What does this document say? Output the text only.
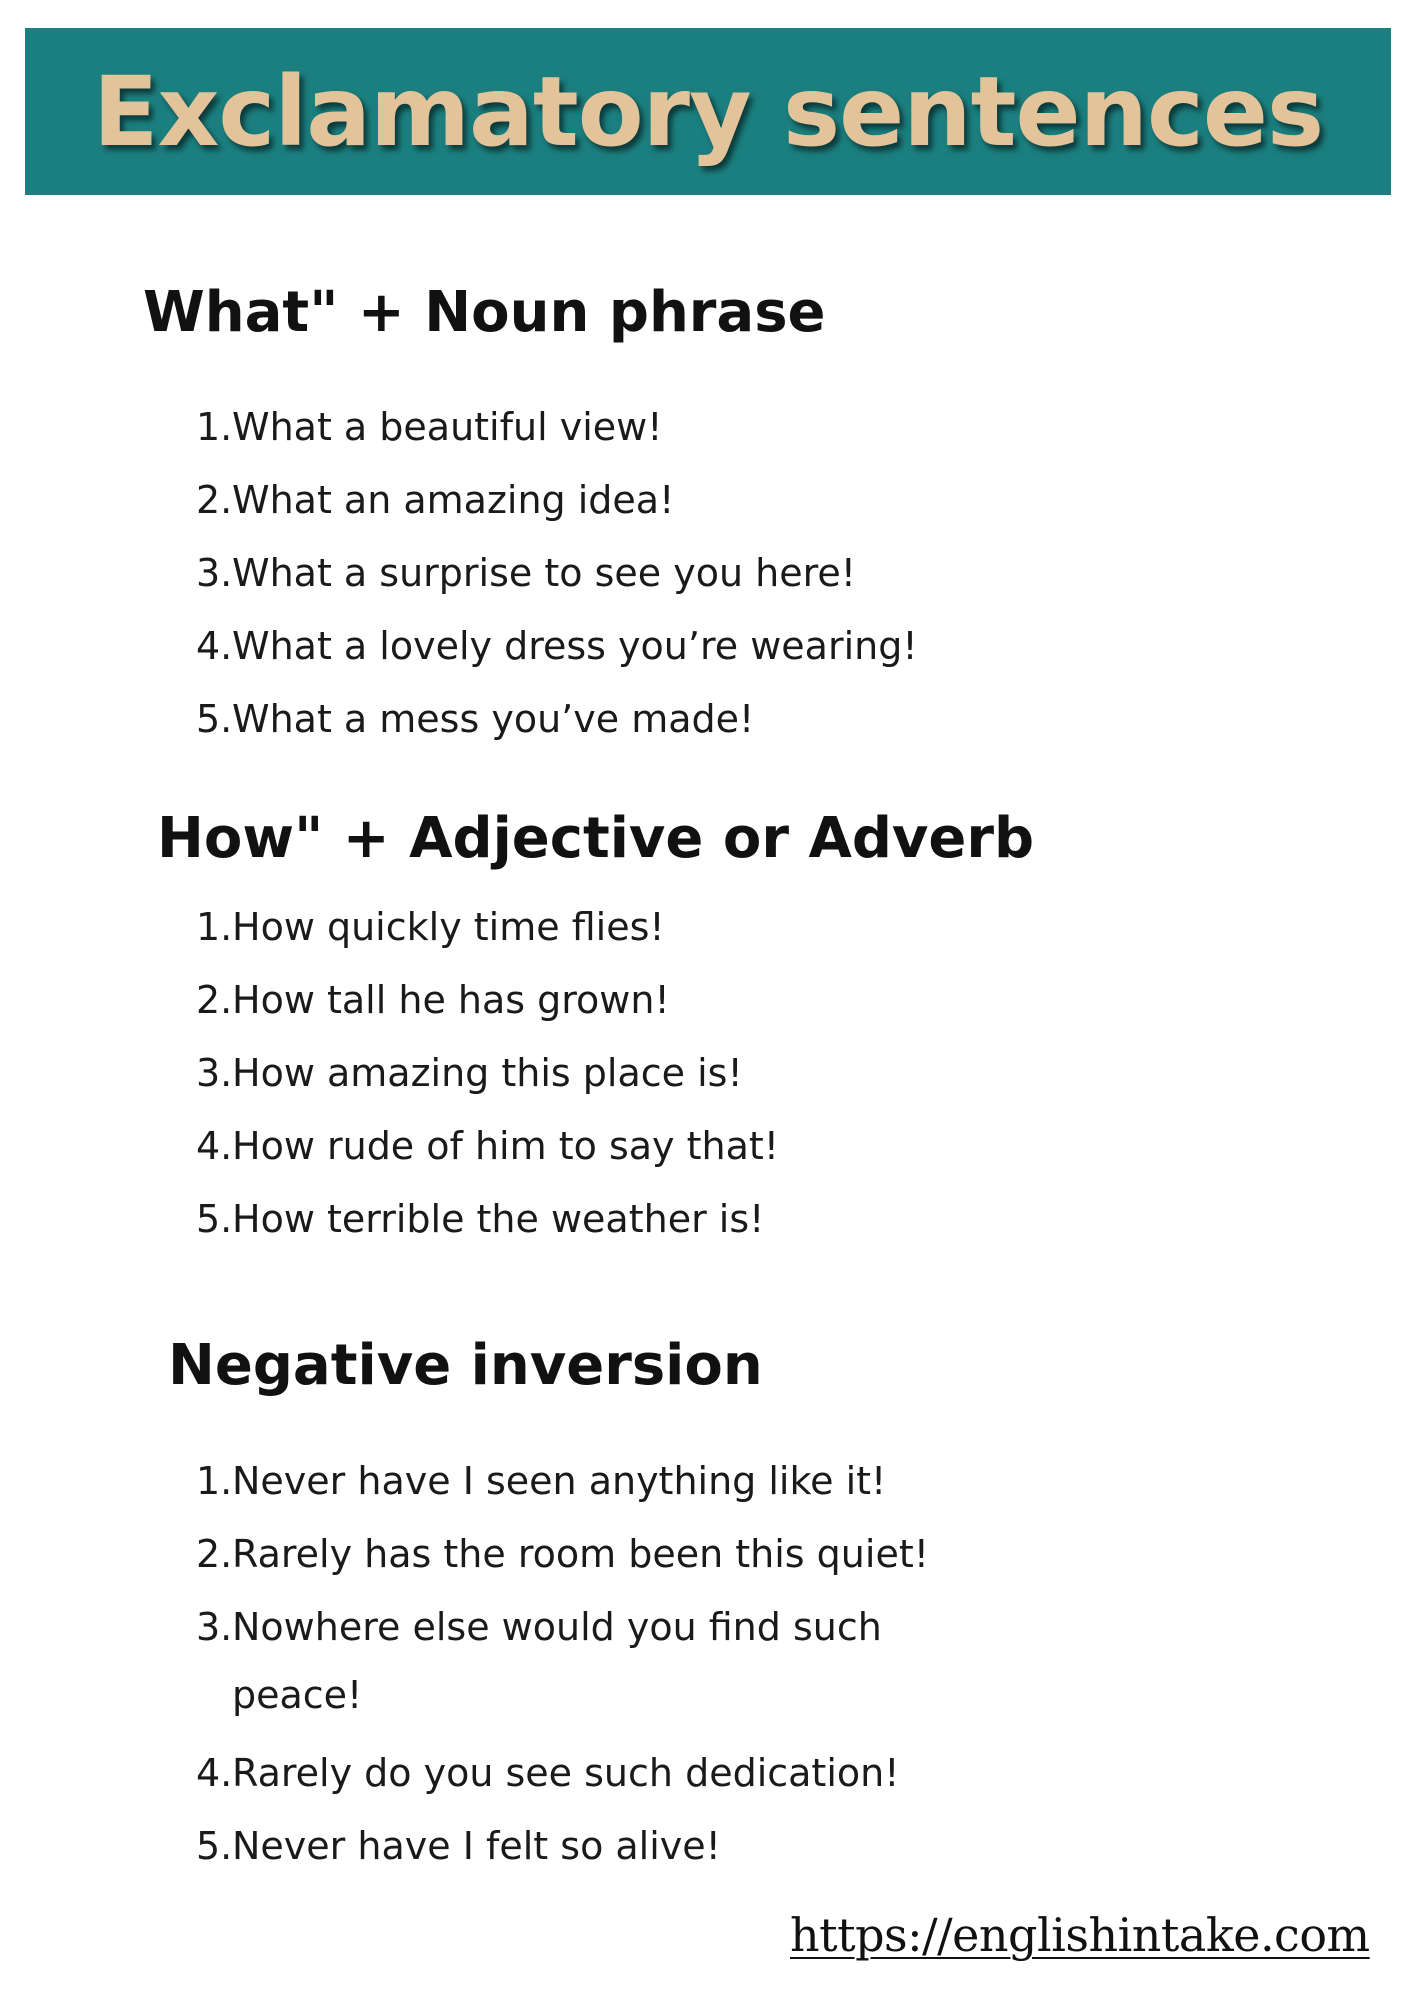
Exclamatory sentences
What" + Noun phrase
1.What a beautiful view!
2.What an amazing idea!
3.What a surprise to see you here!
4.What a lovely dress you’re wearing!
5.What a mess you’ve made!
How" + Adjective or Adverb
1.How quickly time flies!
2.How tall he has grown!
3.How amazing this place is!
4.How rude of him to say that!
5.How terrible the weather is!
Negative inversion
1.Never have I seen anything like it!
2.Rarely has the room been this quiet!
3.Nowhere else would you find such
peace!
4.Rarely do you see such dedication!
5.Never have I felt so alive!
https://englishintake.com
